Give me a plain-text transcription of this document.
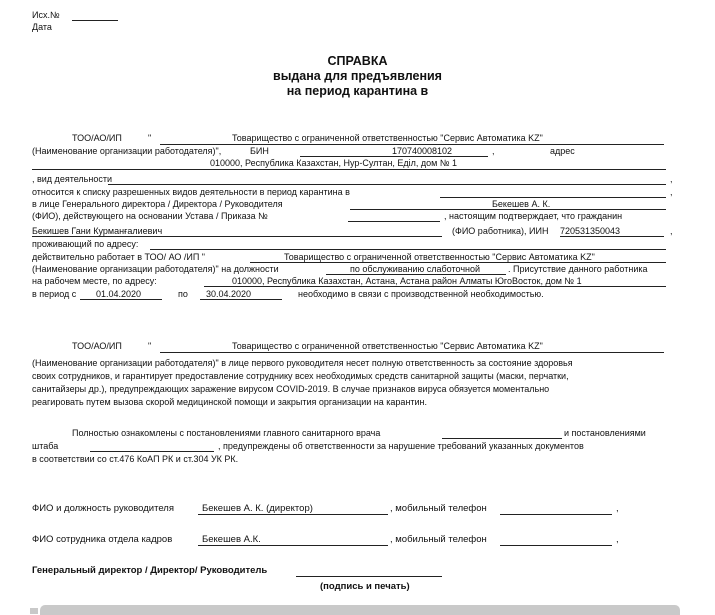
Исх.№
Дата
СПРАВКА
выдана для предъявления
на период карантина в
ТОО/АО/ИП	"	Товарищество с ограниченной ответственностью "Сервис Автоматика KZ"
(Наименование организации работодателя)",	БИН	170740008102	,	адрес
010000, Республика Казахстан, Нур-Султан, Еділ, дом № 1
, вид деятельности	,
относится к списку разрешенных видов деятельности в период карантина в	,
в лице Генерального директора / Директора / Руководителя	Бекешев А. К.
(ФИО), действующего на основании Устава / Приказа №	, настоящим подтверждает, что гражданин
Бекишев Гани Курманғалиевич	(ФИО работника), ИИН 720531350043	,
проживающий по адресу:
действительно работает в ТОО/ АО /ИП "	Товарищество с ограниченной ответственностью "Сервис Автоматика KZ"
(Наименование организации работодателя)" на должности	по обслуживанию слаботочной	. Присутствие данного работника
на рабочем месте, по адресу:	010000, Республика Казахстан, Астана, Астана район Алматы ЮгоВосток, дом № 1
в период с 01.04.2020	по 30.04.2020	необходимо в связи с производственной необходимостью.
ТОО/АО/ИП	"	Товарищество с ограниченной ответственностью "Сервис Автоматика KZ"
(Наименование организации работодателя)" в лице первого руководителя несет полную ответственность за состояние здоровья
своих сотрудников, и гарантирует предоставление сотруднику всех необходимых средств санитарной защиты (маски, перчатки,
санитайзеры др.), предупреждающих заражение вирусом COVID-2019. В случае признаков вируса обязуется моментально
реагировать путем вызова скорой медицинской помощи и закрытия организации на карантин.
Полностью ознакомлены с постановлениями главного санитарного врача	и постановлениями
штаба	, предупреждены об ответственности за нарушение требований указанных документов
в соответствии со ст.476 КоАП РК и ст.304 УК РК.
ФИО и должность руководителя	Бекешев А. К. (директор)	, мобильный телефон	,
ФИО сотрудника отдела кадров	Бекешев А.К.	, мобильный телефон	,
Генеральный директор / Директор/ Руководитель
(подпись и печать)
